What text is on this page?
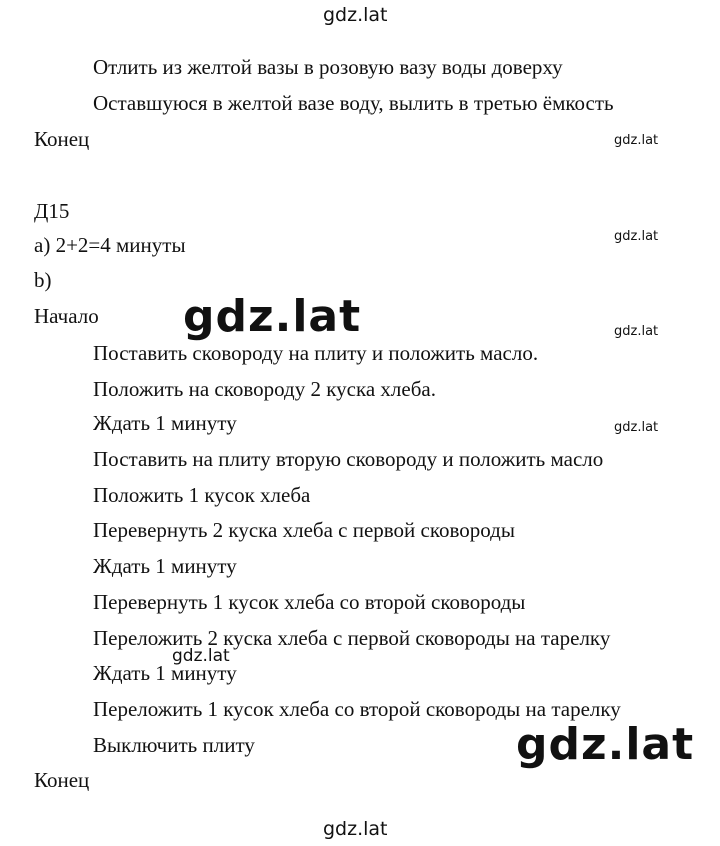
gdz.lat
gdz.lat
gdz.lat
gdz.lat
gdz.lat

Отлить из желтой вазы в розовую вазу воды доверху

Оставшуюся в желтой вазе воду, вылить в третью ёмкость

Конец

Д15

а) 2+2=4 минуты

b)

Начало

Поставить сковороду на плиту и положить масло.

Положить на сковороду 2 куска хлеба.

Ждать 1 минуту

Поставить на плиту вторую сковороду и положить масло

Положить 1 кусок хлеба

Перевернуть 2 куска хлеба с первой сковороды

Ждать 1 минуту

Перевернуть 1 кусок хлеба со второй сковороды

Переложить 2 куска хлеба с первой сковороды на тарелку

Ждать 1 минуту

Переложить 1 кусок хлеба со второй сковороды на тарелку

Выключить плиту

Конец

gdz.lat
gdz.lat
gdz.lat
gdz.lat
